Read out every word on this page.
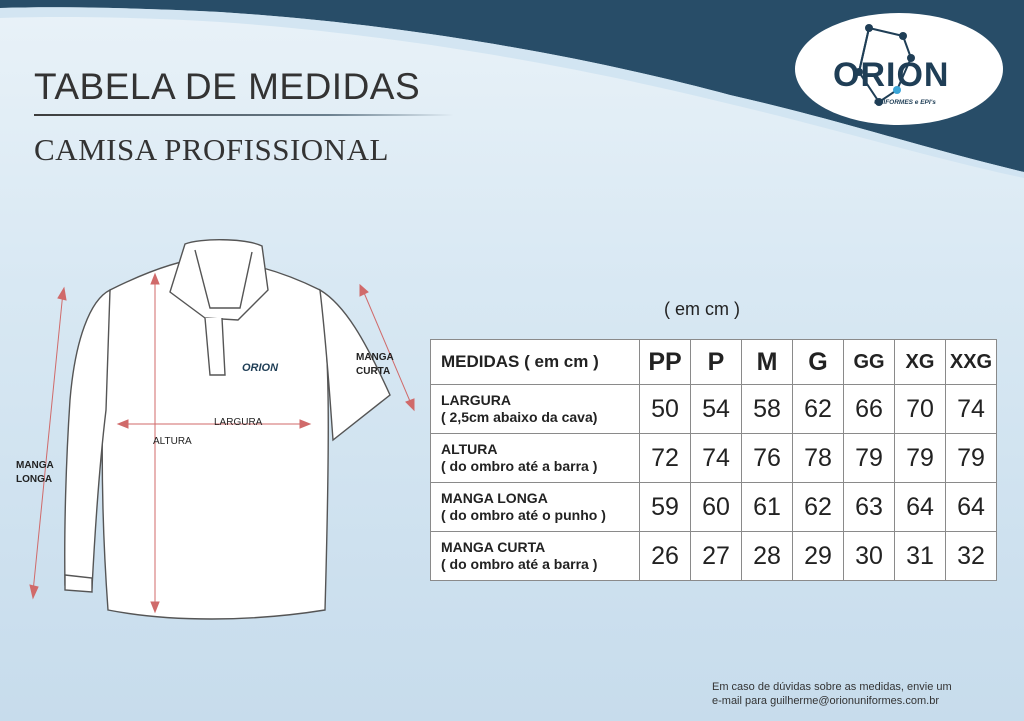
TABELA DE MEDIDAS
CAMISA PROFISSIONAL
ORION
UNIFORMES e EPI's
ORION
MANGA
CURTA
MANGA
LONGA
LARGURA
ALTURA
( em cm )
MEDIDAS ( em cm )	PP	P	M	G	GG	XG	XXG

LARGURA
( 2,5cm abaixo da cava)	50	54	58	62	66	70	74

ALTURA
( do ombro até a barra )	72	74	76	78	79	79	79

MANGA LONGA
( do ombro até o punho )	59	60	61	62	63	64	64

MANGA CURTA
( do ombro até a barra )	26	27	28	29	30	31	32
Em caso de dúvidas sobre as medidas, envie um
e-mail para guilherme@orionuniformes.com.br
